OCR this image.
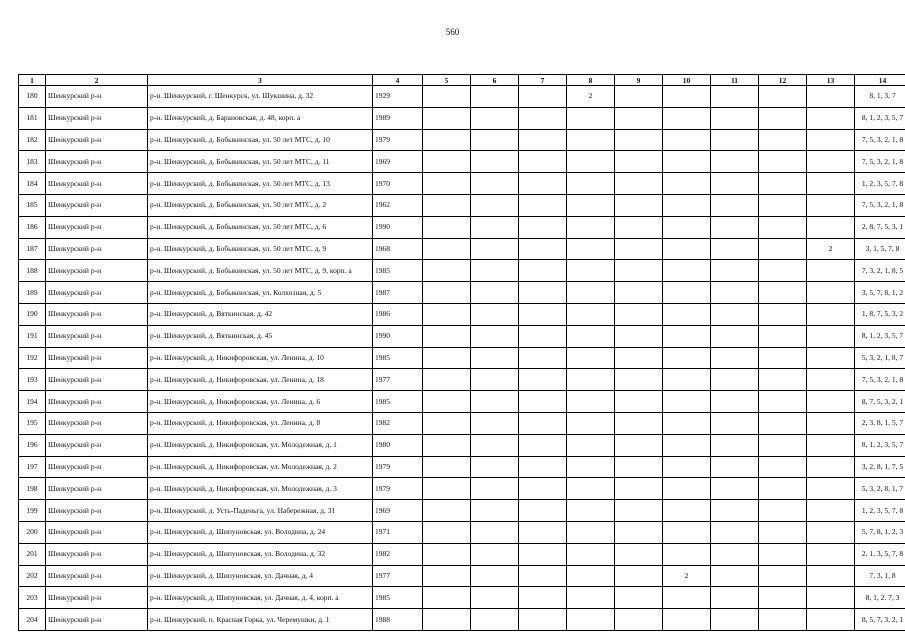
560
1	2	3	4	5	6	7	8	9	10	11	12	13	14
180	Шенкурский р-н	р-н. Шенкурский, г. Шенкурск, ул. Шукшина, д. 32	1929				2						8, 1, 3, 7
181	Шенкурский р-н	р-н. Шенкурский, д. Барановская, д. 48, корп. а	1989										8, 1, 2, 3, 5, 7
182	Шенкурский р-н	р-н. Шенкурский, д. Бобыкинская, ул. 50 лет МТС, д. 10	1979										7, 5, 3, 2, 1, 8
183	Шенкурский р-н	р-н. Шенкурский, д. Бобыкинская, ул. 50 лет МТС, д. 11	1969										7, 5, 3, 2, 1, 8
184	Шенкурский р-н	р-н. Шенкурский, д. Бобыкинская, ул. 50 лет МТС, д. 13	1970										1, 2, 3, 5, 7, 8
185	Шенкурский р-н	р-н. Шенкурский, д. Бобыкинская, ул. 50 лет МТС, д. 2	1962										7, 5, 3, 2, 1, 8
186	Шенкурский р-н	р-н. Шенкурский, д. Бобыкинская, ул. 50 лет МТС, д. 6	1990										2, 8, 7, 5, 3, 1
187	Шенкурский р-н	р-н. Шенкурский, д. Бобыкинская, ул. 50 лет МТС, д. 9	1968									2	3, 1, 5, 7, 8
188	Шенкурский р-н	р-н. Шенкурский, д. Бобыкинская, ул. 50 лет МТС, д. 9, корп. а	1985										7, 3, 2, 1, 8, 5
189	Шенкурский р-н	р-н. Шенкурский, д. Бобыкинская, ул. Колхозная, д. 5	1987										3, 5, 7, 8, 1, 2
190	Шенкурский р-н	р-н. Шенкурский, д. Вяткинская, д. 42	1986										1, 8, 7, 5, 3, 2
191	Шенкурский р-н	р-н. Шенкурский, д. Вяткинская, д. 45	1990										8, 1, 2, 3, 5, 7
192	Шенкурский р-н	р-н. Шенкурский, д. Никифоровская, ул. Ленина, д. 10	1985										5, 3, 2, 1, 8, 7
193	Шенкурский р-н	р-н. Шенкурский, д. Никифоровская, ул. Ленина, д. 18	1977										7, 5, 3, 2, 1, 8
194	Шенкурский р-н	р-н. Шенкурский, д. Никифоровская, ул. Ленина, д. 6	1985										8, 7, 5, 3, 2, 1
195	Шенкурский р-н	р-н. Шенкурский, д. Никифоровская, ул. Ленина, д. 8	1982										2, 3, 8, 1, 5, 7
196	Шенкурский р-н	р-н. Шенкурский, д. Никифоровская, ул. Молодежная, д. 1	1980										8, 1, 2, 3, 5, 7
197	Шенкурский р-н	р-н. Шенкурский, д. Никифоровская, ул. Молодежная, д. 2	1979										3, 2, 8, 1, 7, 5
198	Шенкурский р-н	р-н. Шенкурский, д. Никифоровская, ул. Молодежная, д. 3	1979										5, 3, 2, 8, 1, 7
199	Шенкурский р-н	р-н. Шенкурский, д. Усть-Паденьга, ул. Набережная, д. 31	1969										1, 2, 3, 5, 7, 8
200	Шенкурский р-н	р-н. Шенкурский, д. Шипуновская, ул. Володина, д. 24	1971										5, 7, 8, 1, 2, 3
201	Шенкурский р-н	р-н. Шенкурский, д. Шипуновская, ул. Володина, д. 32	1982										2, 1, 3, 5, 7, 8
202	Шенкурский р-н	р-н. Шенкурский, д. Шипуновская, ул. Дачная, д. 4	1977						2				7, 3, 1, 8
203	Шенкурский р-н	р-н. Шенкурский, д. Шипуновская, ул. Дачная, д. 4, корп. а	1985										8, 1, 2. 7, 3
204	Шенкурский р-н	р-н. Шенкурский, п. Красная Горка, ул. Черемушки, д. 1	1988										8, 5, 7, 3, 2, 1
